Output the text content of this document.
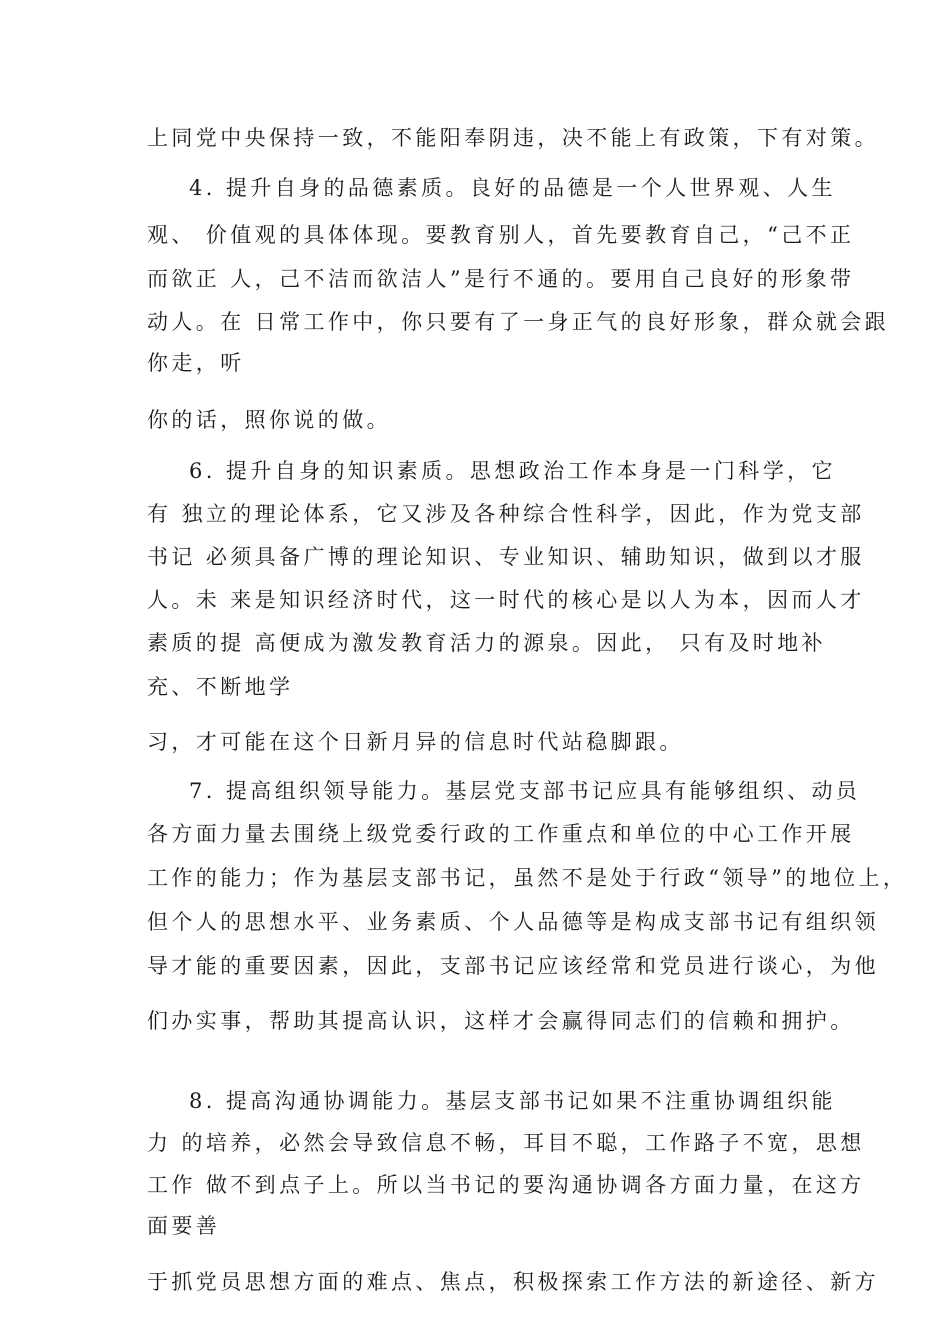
上同党中央保持一致，不能阳奉阴违，决不能上有政策，下有对策。
4. 提升自身的品德素质。良好的品德是一个人世界观、人生
观、 价值观的具体体现。要教育别人，首先要教育自己，“己不正
而欲正 人，己不洁而欲洁人”是行不通的。要用自己良好的形象带
动人。在 日常工作中，你只要有了一身正气的良好形象，群众就会跟
你走，听
你的话，照你说的做。
6. 提升自身的知识素质。思想政治工作本身是一门科学，它
有 独立的理论体系，它又涉及各种综合性科学，因此，作为党支部
书记 必须具备广博的理论知识、专业知识、辅助知识，做到以才服
人。未 来是知识经济时代，这一时代的核心是以人为本，因而人才
素质的提 高便成为激发教育活力的源泉。因此， 只有及时地补
充、不断地学
习，才可能在这个日新月异的信息时代站稳脚跟。
7. 提高组织领导能力。基层党支部书记应具有能够组织、动员
各方面力量去围绕上级党委行政的工作重点和单位的中心工作开展
工作的能力；作为基层支部书记，虽然不是处于行政“领导”的地位上，
但个人的思想水平、业务素质、个人品德等是构成支部书记有组织领
导才能的重要因素，因此，支部书记应该经常和党员进行谈心，为他
们办实事，帮助其提高认识，这样才会赢得同志们的信赖和拥护。
8. 提高沟通协调能力。基层支部书记如果不注重协调组织能
力 的培养，必然会导致信息不畅，耳目不聪，工作路子不宽，思想
工作 做不到点子上。所以当书记的要沟通协调各方面力量，在这方
面要善
于抓党员思想方面的难点、焦点，积极探索工作方法的新途径、新方
